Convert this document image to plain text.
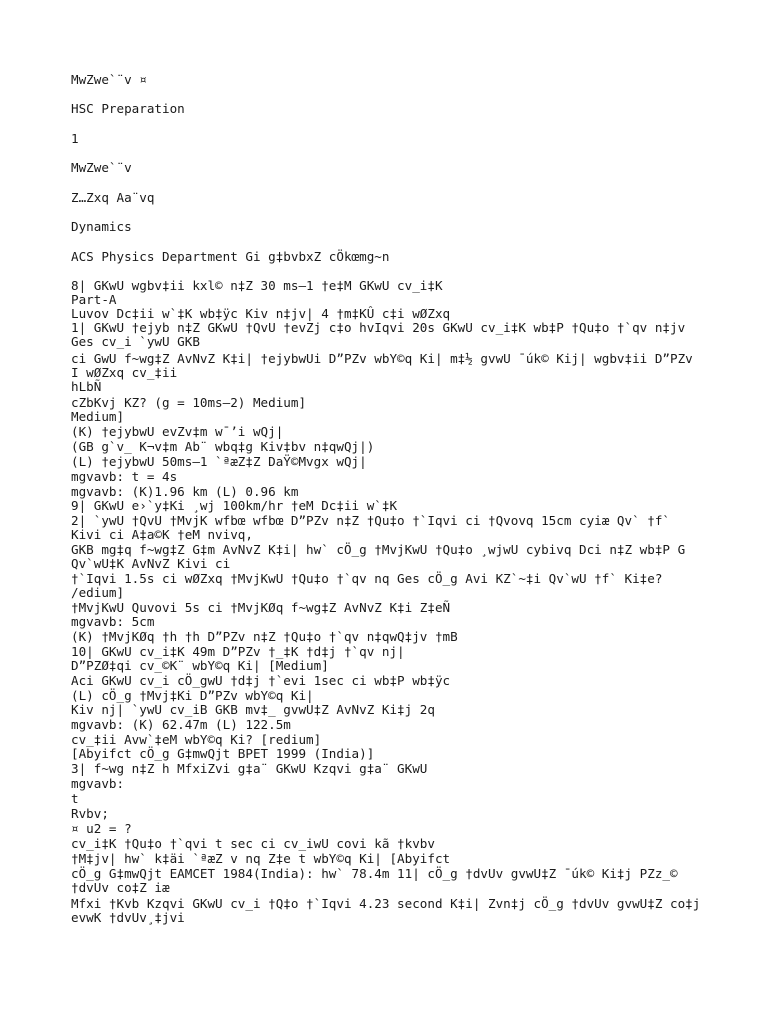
MwZwe`¨v ¤
HSC Preparation
1
MwZwe`¨v
Z…Zxq Aa¨vq
Dynamics
ACS Physics Department Gi g‡bvbxZ cÖkœmg~n
8| GKwU wgbv‡ii kxl© n‡Z 30 ms–1 †e‡M GKwU cv_i‡K
Part-A
Luvov Dc‡ii w`‡K wb‡ÿc Kiv n‡jv| 4 †m‡KÛ c‡i wØZxq
1| GKwU †ejyb n‡Z GKwU †QvU †evZj c‡o hvIqvi 20s GKwU cv_i‡K wb‡P †Qu‡o †`qv n‡jv
Ges cv_i `ywU GKB
ci GwU f~wg‡Z AvNvZ K‡i| †ejybwUi D”PZv wbY©q Ki| m‡½ gvwU ¯úk© Kij| wgbv‡ii D”PZv
I wØZxq cv_‡ii
hLbÑ
cZbKvj KZ? (g = 10ms–2) Medium]
Medium]
(K) †ejybwU evZv‡m w¯’i wQj|
(GB g`v_ K¬v‡m Ab¨ wbq‡g Kiv‡bv n‡qwQj|)
(L) †ejybwU 50ms–1 `ªæZ‡Z DaŸ©Mvgx wQj|
mgvavb: t = 4s
mgvavb: (K)1.96 km (L) 0.96 km
9| GKwU e›`y‡Ki ¸wj 100km/hr †eM Dc‡ii w`‡K
2| `ywU †QvU †MvjK wfbœ wfbœ D”PZv n‡Z †Qu‡o †`Iqvi ci †Qvovq 15cm cyiæ Qv` †f`
Kivi ci A‡a©K †eM nvivq,
GKB mg‡q f~wg‡Z G‡m AvNvZ K‡i| hw` cÖ_g †MvjKwU †Qu‡o ¸wjwU cybivq Dci n‡Z wb‡P G
Qv`wU‡K AvNvZ Kivi ci
†`Iqvi 1.5s ci wØZxq †MvjKwU †Qu‡o †`qv nq Ges cÖ_g Avi KZ`~‡i Qv`wU †f` Ki‡e?
/edium]
†MvjKwU Quvovi 5s ci †MvjKØq f~wg‡Z AvNvZ K‡i Z‡eÑ
mgvavb: 5cm
(K) †MvjKØq †h †h D”PZv n‡Z †Qu‡o †`qv n‡qwQ‡jv †mB
10| GKwU cv_i‡K 49m D”PZv †_‡K †d‡j †`qv nj|
D”PZØ‡qi cv_©K¨ wbY©q Ki| [Medium]
Aci GKwU cv_i cÖ_gwU †d‡j †`evi 1sec ci wb‡P wb‡ÿc
(L) cÖ_g †Mvj‡Ki D”PZv wbY©q Ki|
Kiv nj| `ywU cv_iB GKB mv‡_ gvwU‡Z AvNvZ Ki‡j 2q
mgvavb: (K) 62.47m (L) 122.5m
cv_‡ii Avw`‡eM wbY©q Ki? [redium]
[Abyifct cÖ_g G‡mwQjt BPET 1999 (India)]
3| f~wg n‡Z h MfxiZvi g‡a¨ GKwU Kzqvi g‡a¨ GKwU
mgvavb:
t
Rvbv;
¤ u2 = ?
cv_i‡K †Qu‡o †`qvi t sec ci cv_iwU covi kã †kvbv
†M‡jv| hw` k‡äi `ªæZ v nq Z‡e t wbY©q Ki| [Abyifct
cÖ_g G‡mwQjt EAMCET 1984(India): hw` 78.4m 11| cÖ_g †dvUv gvwU‡Z ¯úk© Ki‡j PZz_©
†dvUv co‡Z iæ
Mfxi †Kvb Kzqvi GKwU cv_i †Q‡o †`Iqvi 4.23 second K‡i| Zvn‡j cÖ_g †dvUv gvwU‡Z co‡j
evwK †dvUv¸‡jvi
